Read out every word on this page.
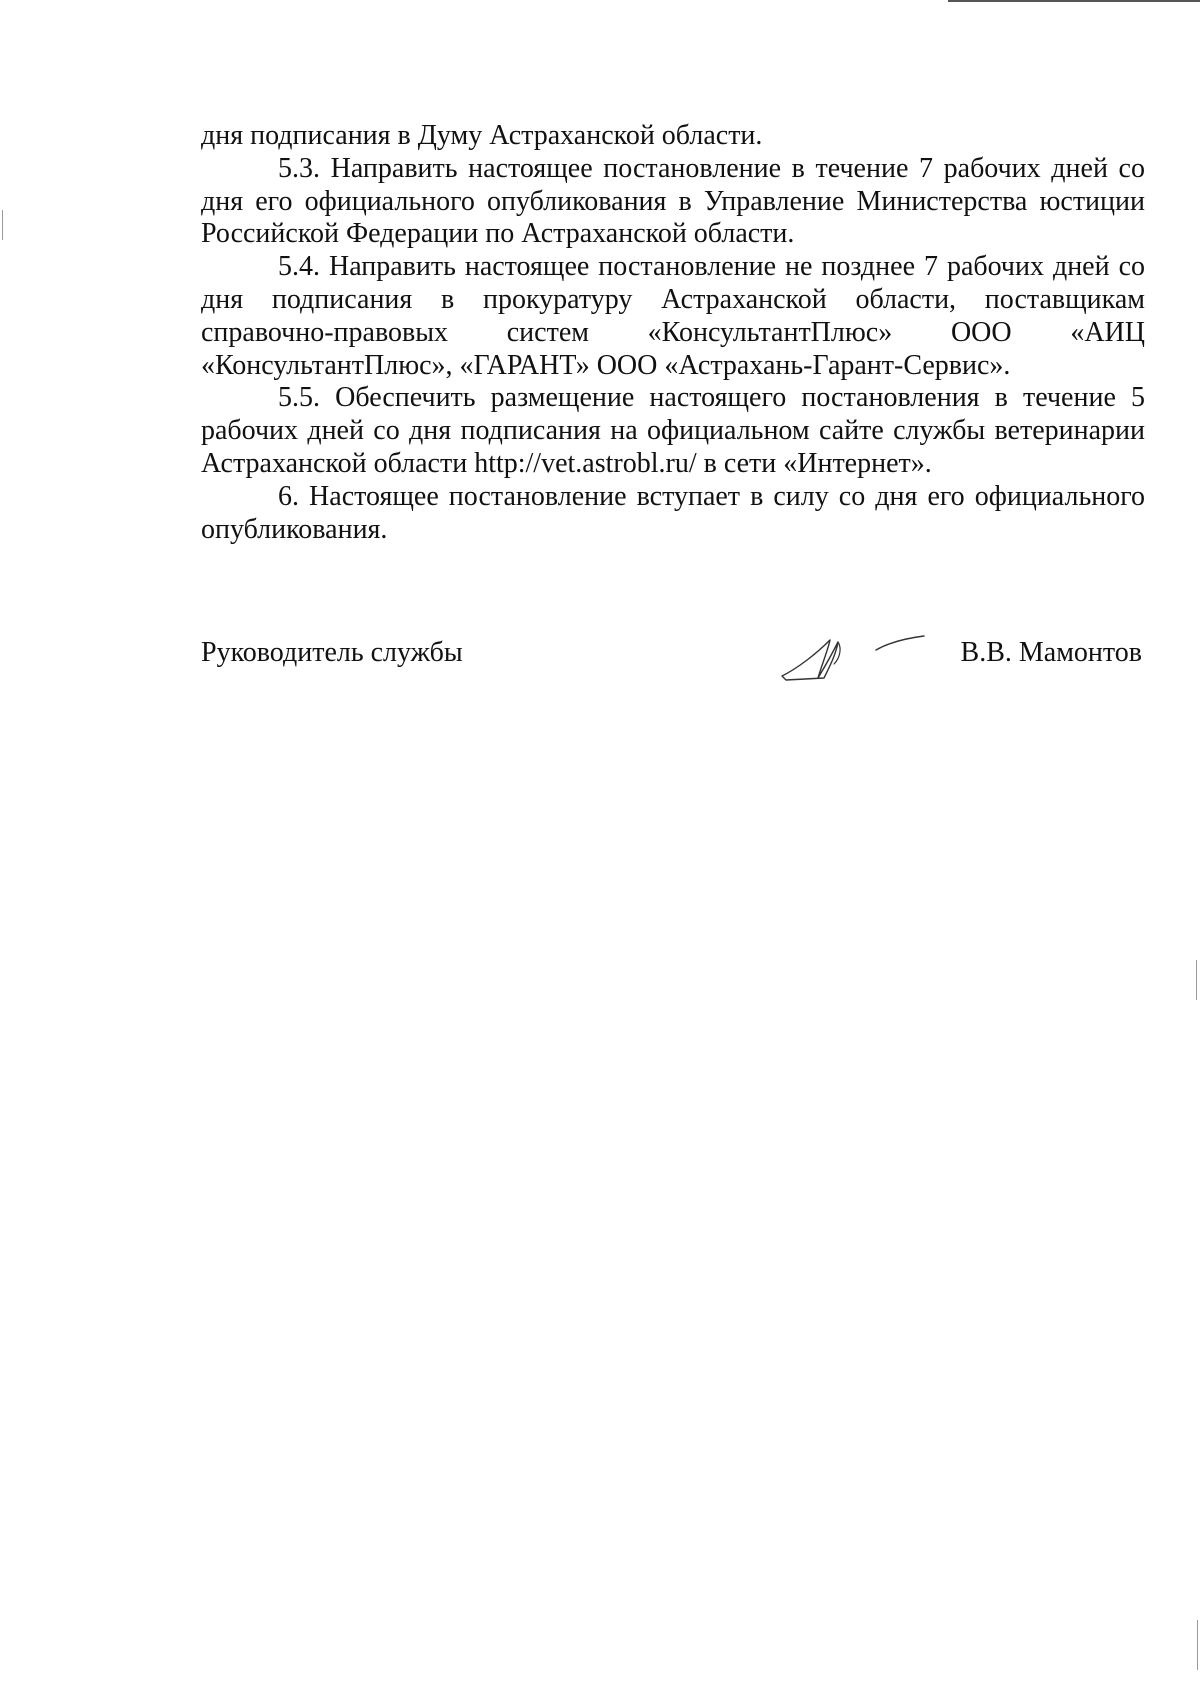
дня подписания в Думу Астраханской области.

5.3. Направить настоящее постановление в течение 7 рабочих дней со дня его официального опубликования в Управление Министерства юстиции Российской Федерации по Астраханской области.

5.4. Направить настоящее постановление не позднее 7 рабочих дней со дня подписания в прокуратуру Астраханской области, поставщикам справочно-правовых систем «КонсультантПлюс» ООО «АИЦ «КонсультантПлюс», «ГАРАНТ» ООО «Астрахань-Гарант-Сервис».

5.5. Обеспечить размещение настоящего постановления в течение 5 рабочих дней со дня подписания на официальном сайте службы ветеринарии Астраханской области http://vet.astrobl.ru/ в сети «Интернет».

6. Настоящее постановление вступает в силу со дня его официального опубликования.

Руководитель службы	В.В. Мамонтов
